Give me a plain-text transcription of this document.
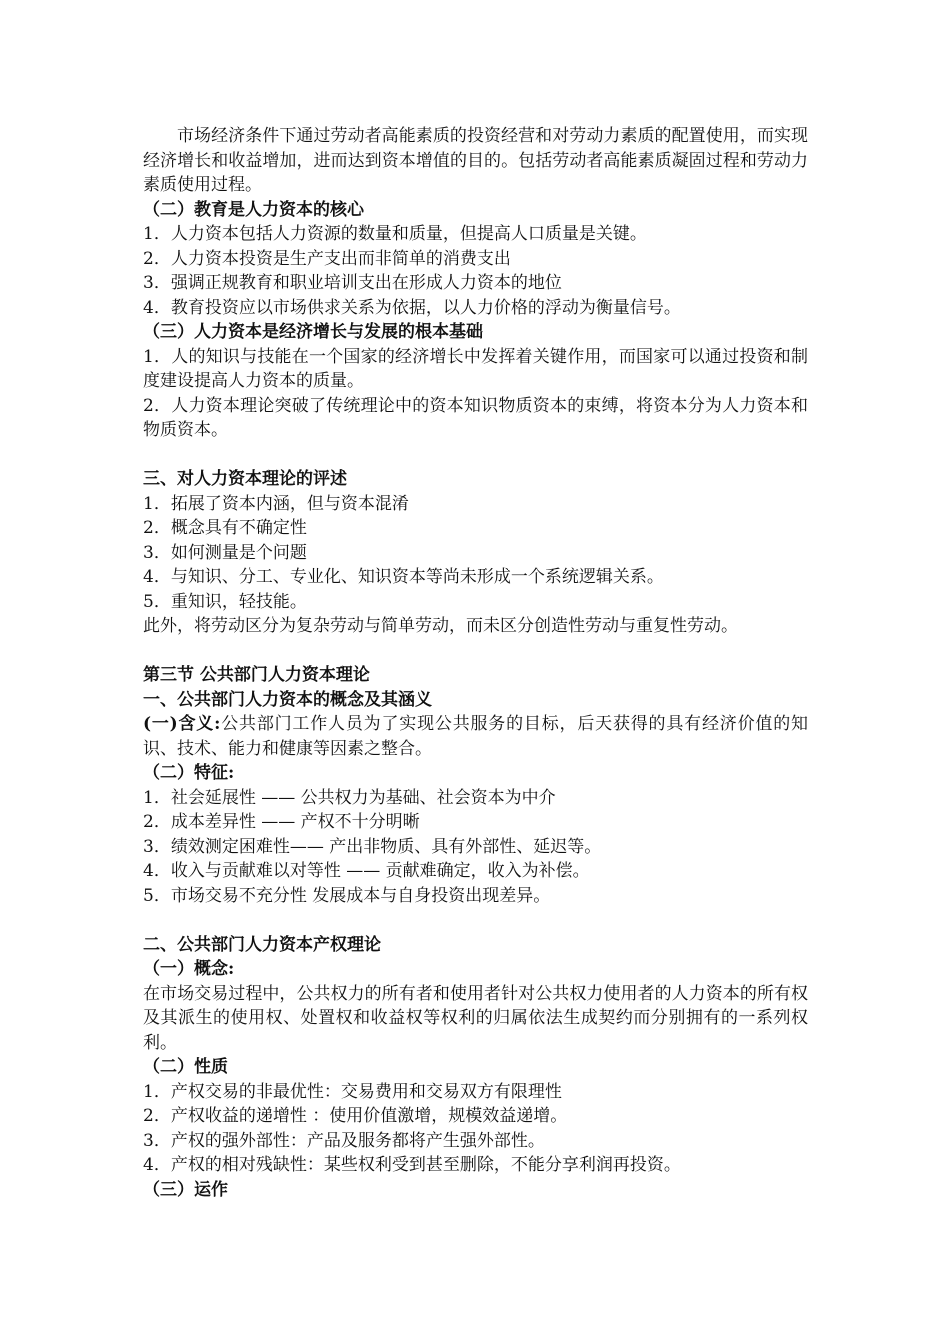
市场经济条件下通过劳动者高能素质的投资经营和对劳动力素质的配置使用，而实现经济增长和收益增加，进而达到资本增值的目的。包括劳动者高能素质凝固过程和劳动力素质使用过程。

（二）教育是人力资本的核心

1．人力资本包括人力资源的数量和质量，但提高人口质量是关键。

2．人力资本投资是生产支出而非简单的消费支出

3．强调正规教育和职业培训支出在形成人力资本的地位

4．教育投资应以市场供求关系为依据，以人力价格的浮动为衡量信号。

（三）人力资本是经济增长与发展的根本基础

1．人的知识与技能在一个国家的经济增长中发挥着关键作用，而国家可以通过投资和制度建设提高人力资本的质量。

2．人力资本理论突破了传统理论中的资本知识物质资本的束缚，将资本分为人力资本和物质资本。

三、对人力资本理论的评述

1．拓展了资本内涵，但与资本混淆

2．概念具有不确定性

3．如何测量是个问题

4．与知识、分工、专业化、知识资本等尚未形成一个系统逻辑关系。

5．重知识，轻技能。

此外，将劳动区分为复杂劳动与简单劳动，而未区分创造性劳动与重复性劳动。

第三节 公共部门人力资本理论

一、公共部门人力资本的概念及其涵义

(一)含义:公共部门工作人员为了实现公共服务的目标，后天获得的具有经济价值的知识、技术、能力和健康等因素之整合。

（二）特征:

1．社会延展性 —— 公共权力为基础、社会资本为中介

2．成本差异性 —— 产权不十分明晰

3．绩效测定困难性—— 产出非物质、具有外部性、延迟等。

4．收入与贡献难以对等性 —— 贡献难确定，收入为补偿。

5．市场交易不充分性 发展成本与自身投资出现差异。

二、公共部门人力资本产权理论

（一）概念:

在市场交易过程中，公共权力的所有者和使用者针对公共权力使用者的人力资本的所有权及其派生的使用权、处置权和收益权等权利的归属依法生成契约而分别拥有的一系列权利。

（二）性质

1．产权交易的非最优性：交易费用和交易双方有限理性

2．产权收益的递增性 ：使用价值激增，规模效益递增。

3．产权的强外部性：产品及服务都将产生强外部性。

4．产权的相对残缺性：某些权利受到甚至删除，不能分享利润再投资。

（三）运作
